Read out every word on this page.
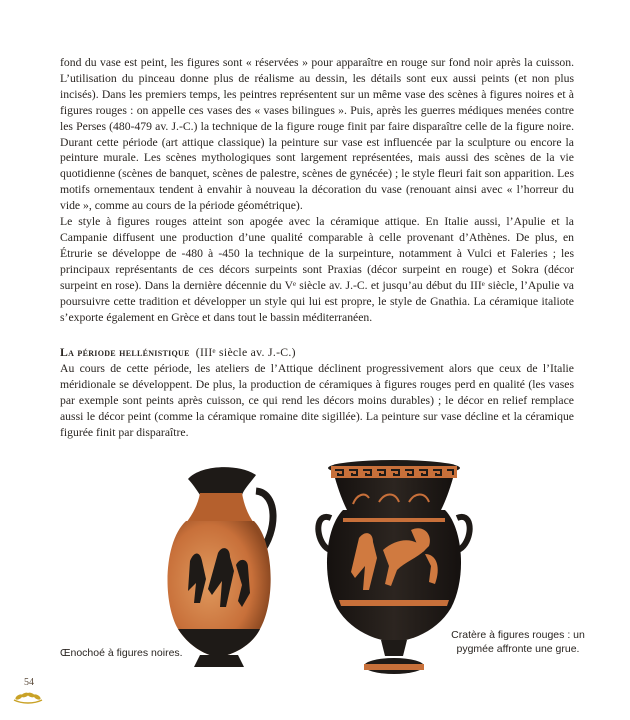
fond du vase est peint, les figures sont « réservées » pour apparaître en rouge sur fond noir après la cuisson. L’utilisation du pinceau donne plus de réalisme au dessin, les détails sont eux aussi peints (et non plus incisés). Dans les premiers temps, les peintres représentent sur un même vase des scènes à figures noires et à figures rouges : on appelle ces vases des « vases bilingues ». Puis, après les guerres médiques menées contre les Perses (480-479 av. J.-C.) la technique de la figure rouge finit par faire disparaître celle de la figure noire. Durant cette période (art attique classique) la peinture sur vase est influencée par la sculpture ou encore la peinture murale. Les scènes mythologiques sont largement représentées, mais aussi des scènes de la vie quotidienne (scènes de banquet, scènes de palestre, scènes de gynécée) ; le style fleuri fait son apparition. Les motifs ornementaux tendent à envahir à nouveau la décoration du vase (renouant ainsi avec « l’horreur du vide », comme au cours de la période géométrique).

Le style à figures rouges atteint son apogée avec la céramique attique. En Italie aussi, l’Apulie et la Campanie diffusent une production d’une qualité comparable à celle provenant d’Athènes. De plus, en Étrurie se développe de -480 à -450 la technique de la surpeinture, notamment à Vulci et Faleries ; les principaux représentants de ces décors surpeints sont Praxias (décor surpeint en rouge) et Sokra (décor surpeint en rose). Dans la dernière décennie du Vᵉ siècle av. J.-C. et jusqu’au début du IIIᵉ siècle, l’Apulie va poursuivre cette tradition et développer un style qui lui est propre, le style de Gnathia. La céramique italiote s’exporte également en Grèce et dans tout le bassin méditerranéen.

La période hellénistique (IIIᵉ siècle av. J.-C.)

Au cours de cette période, les ateliers de l’Attique déclinent progressivement alors que ceux de l’Italie méridionale se développent. De plus, la production de céramiques à figures rouges perd en qualité (les vases par exemple sont peints après cuisson, ce qui rend les décors moins durables) ; le décor en relief remplace aussi le décor peint (comme la céramique romaine dite sigillée). La peinture sur vase décline et la céramique figurée finit par disparaître.

Œnochoé à figures noires.
Cratère à figures rouges : un pygmée affronte une grue.
54
